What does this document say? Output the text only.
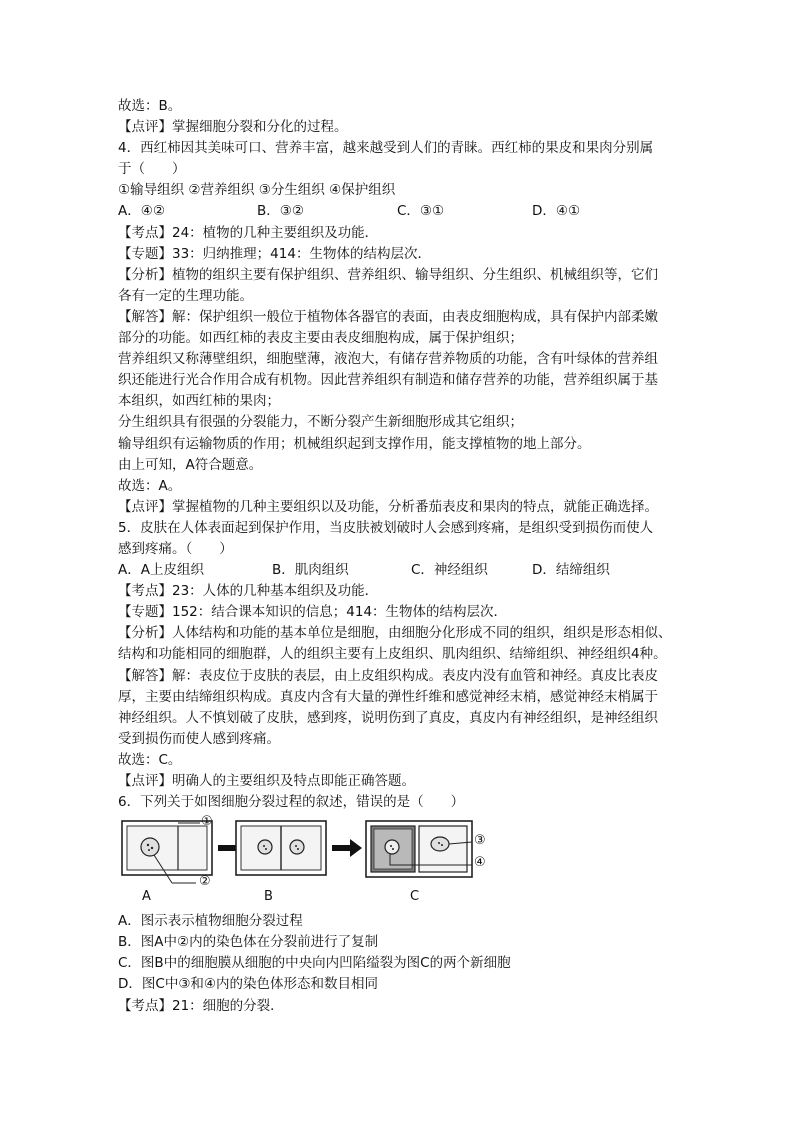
故选：B。
【点评】掌握细胞分裂和分化的过程。
4．西红柿因其美味可口、营养丰富，越来越受到人们的青睐。西红柿的果皮和果肉分别属
于（　　）
①输导组织 ②营养组织 ③分生组织 ④保护组织
A．④②	B．③②	C．③①	D．④①
【考点】24：植物的几种主要组织及功能．
【专题】33：归纳推理；414：生物体的结构层次．
【分析】植物的组织主要有保护组织、营养组织、输导组织、分生组织、机械组织等，它们
各有一定的生理功能。
【解答】解：保护组织一般位于植物体各器官的表面，由表皮细胞构成，具有保护内部柔嫩
部分的功能。如西红柿的表皮主要由表皮细胞构成，属于保护组织；
营养组织又称薄壁组织，细胞壁薄，液泡大，有储存营养物质的功能，含有叶绿体的营养组
织还能进行光合作用合成有机物。因此营养组织有制造和储存营养的功能，营养组织属于基
本组织，如西红柿的果肉；
分生组织具有很强的分裂能力，不断分裂产生新细胞形成其它组织；
输导组织有运输物质的作用；机械组织起到支撑作用，能支撑植物的地上部分。
由上可知，A符合题意。
故选：A。
【点评】掌握植物的几种主要组织以及功能，分析番茄表皮和果肉的特点，就能正确选择。
5．皮肤在人体表面起到保护作用，当皮肤被划破时人会感到疼痛，是组织受到损伤而使人
感到疼痛。（　　）
A．A上皮组织	B．肌肉组织	C．神经组织	D．结缔组织
【考点】23：人体的几种基本组织及功能．
【专题】152：结合课本知识的信息；414：生物体的结构层次．
【分析】人体结构和功能的基本单位是细胞，由细胞分化形成不同的组织，组织是形态相似、
结构和功能相同的细胞群，人的组织主要有上皮组织、肌肉组织、结缔组织、神经组织4种。
【解答】解：表皮位于皮肤的表层，由上皮组织构成。表皮内没有血管和神经。真皮比表皮
厚，主要由结缔组织构成。真皮内含有大量的弹性纤维和感觉神经末梢，感觉神经末梢属于
神经组织。人不慎划破了皮肤，感到疼，说明伤到了真皮，真皮内有神经组织，是神经组织
受到损伤而使人感到疼痛。
故选：C。
【点评】明确人的主要组织及特点即能正确答题。
6．下列关于如图细胞分裂过程的叙述，错误的是（　　）
①
②
③
④
A	B	C
A．图示表示植物细胞分裂过程
B．图A中②内的染色体在分裂前进行了复制
C．图B中的细胞膜从细胞的中央向内凹陷缢裂为图C的两个新细胞
D．图C中③和④内的染色体形态和数目相同
【考点】21：细胞的分裂．
